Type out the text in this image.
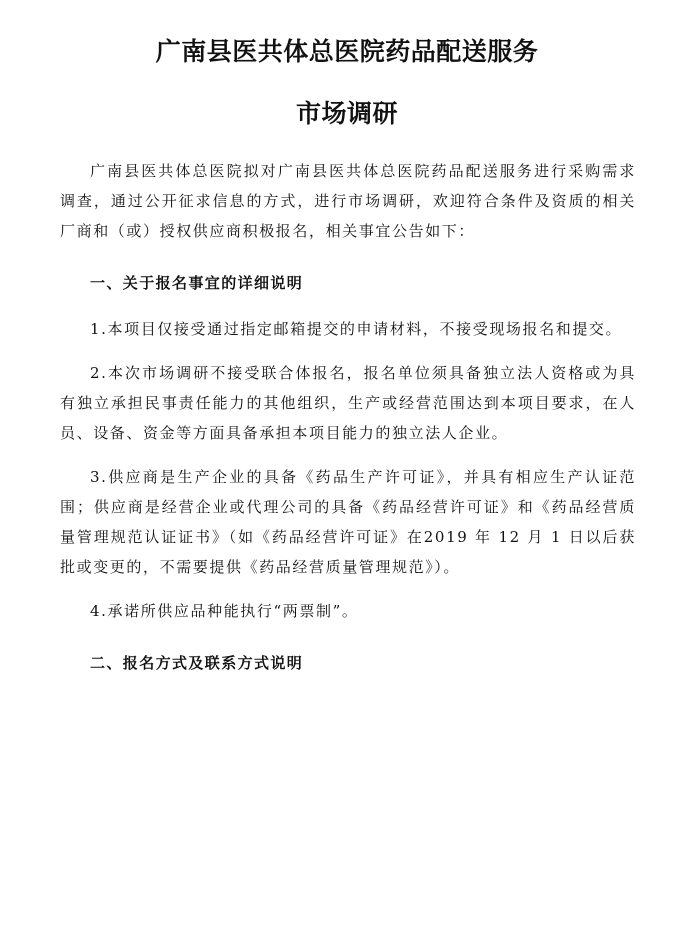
广南县医共体总医院药品配送服务
市场调研

广南县医共体总医院拟对广南县医共体总医院药品配送服务进行采购需求调查，通过公开征求信息的方式，进行市场调研，欢迎符合条件及资质的相关厂商和（或）授权供应商积极报名，相关事宜公告如下：

一、关于报名事宜的详细说明

1.本项目仅接受通过指定邮箱提交的申请材料，不接受现场报名和提交。

2.本次市场调研不接受联合体报名，报名单位须具备独立法人资格或为具有独立承担民事责任能力的其他组织，生产或经营范围达到本项目要求，在人员、设备、资金等方面具备承担本项目能力的独立法人企业。

3.供应商是生产企业的具备《药品生产许可证》，并具有相应生产认证范围；供应商是经营企业或代理公司的具备《药品经营许可证》和《药品经营质量管理规范认证证书》（如《药品经营许可证》在2019 年 12 月 1 日以后获批或变更的，不需要提供《药品经营质量管理规范》）。

4.承诺所供应品种能执行“两票制”。

二、报名方式及联系方式说明
